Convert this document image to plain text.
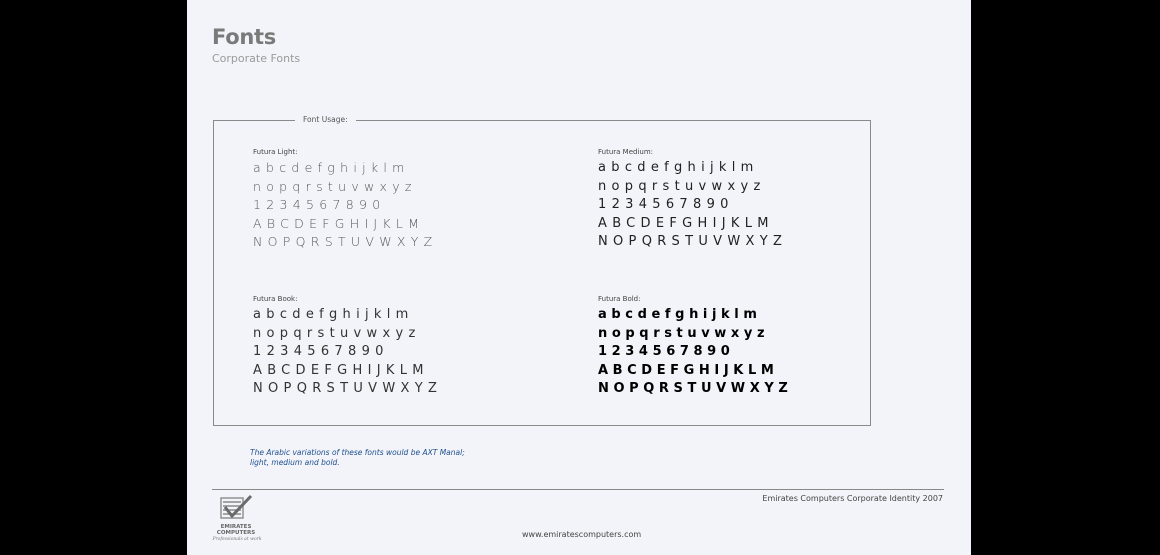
Fonts
Corporate Fonts
Font Usage:
Futura Light:
abcdefghijklm
nopqrstuvwxyz
1234567890
ABCDEFGHIJKLM
NOPQRSTUVWXYZ
Futura Medium:
abcdefghijklm
nopqrstuvwxyz
1234567890
ABCDEFGHIJKLM
NOPQRSTUVWXYZ
Futura Book:
abcdefghijklm
nopqrstuvwxyz
1234567890
ABCDEFGHIJKLM
NOPQRSTUVWXYZ
Futura Bold:
abcdefghijklm
nopqrstuvwxyz
1234567890
ABCDEFGHIJKLM
NOPQRSTUVWXYZ
The Arabic variations of these fonts would be AXT Manal;
light, medium and bold.
EMIRATES
COMPUTERS
Professionals at work
Emirates Computers Corporate Identity 2007
www.emiratescomputers.com
